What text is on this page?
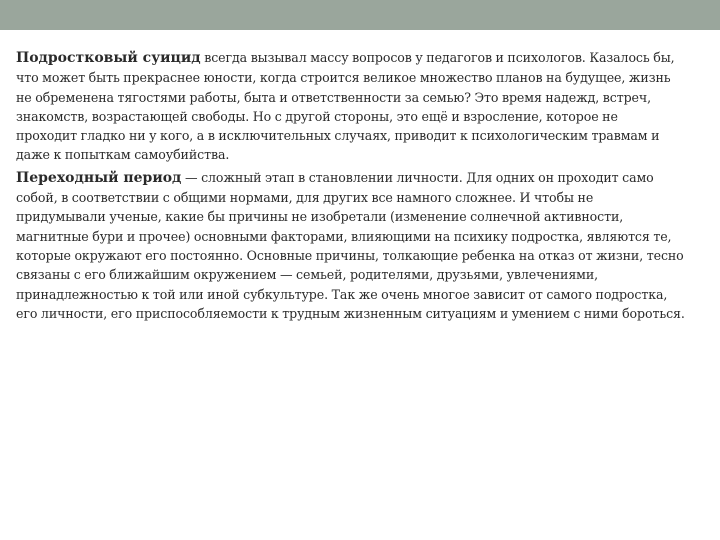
Подростковый суицид всегда вызывал массу вопросов у педагогов и психологов. Казалось бы,
что может быть прекраснее юности, когда строится великое множество планов на будущее, жизнь
не обременена тягостями работы, быта и ответственности за семью? Это время надежд, встреч,
знакомств, возрастающей свободы. Но с другой стороны, это ещё и взросление, которое не
проходит гладко ни у кого, а в исключительных случаях, приводит к психологическим травмам и
даже к попыткам самоубийства.

Переходный период — сложный этап в становлении личности. Для одних он проходит само
собой, в соответствии с общими нормами, для других все намного сложнее. И чтобы не
придумывали ученые, какие бы причины не изобретали (изменение солнечной активности,
магнитные бури и прочее) основными факторами, влияющими на психику подростка, являются те,
которые окружают его постоянно. Основные причины, толкающие ребенка на отказ от жизни, тесно
связаны с его ближайшим окружением — семьей, родителями, друзьями, увлечениями,
принадлежностью к той или иной субкультуре. Так же очень многое зависит от самого подростка,
его личности, его приспособляемости к трудным жизненным ситуациям и умением с ними бороться.
